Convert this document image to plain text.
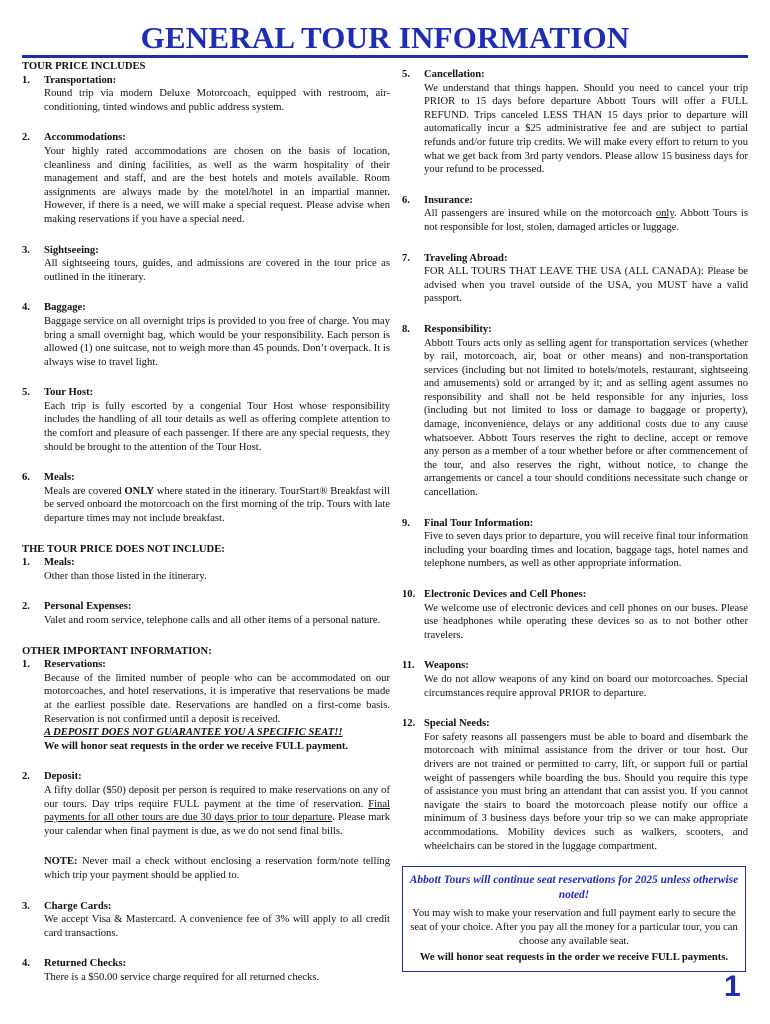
GENERAL TOUR INFORMATION

TOUR PRICE INCLUDES

1. Transportation:

Round trip via modern Deluxe Motorcoach, equipped with restroom, air-conditioning, tinted windows and public address system.

2. Accommodations:

Your highly rated accommodations are chosen on the basis of location, cleanliness and dining facilities, as well as the warm hospitality of their management and staff, and are the best hotels and motels available. Room assignments are always made by the motel/hotel in an impartial manner. However, if there is a need, we will make a special request. Please advise when making reservations if you have a special need.

3. Sightseeing:

All sightseeing tours, guides, and admissions are covered in the tour price as outlined in the itinerary.

4. Baggage:

Baggage service on all overnight trips is provided to you free of charge. You may bring a small overnight bag, which would be your responsibility. Each person is allowed (1) one suitcase, not to weigh more than 45 pounds. Don’t overpack. It is always wise to travel light.

5. Tour Host:

Each trip is fully escorted by a congenial Tour Host whose responsibility includes the handling of all tour details as well as offering complete attention to the comfort and pleasure of each passenger. If there are any special requests, they should be brought to the attention of the Tour Host.

6. Meals:

Meals are covered ONLY where stated in the itinerary. TourStart® Breakfast will be served onboard the motorcoach on the first morning of the trip. Tours with late departure times may not include breakfast.

THE TOUR PRICE DOES NOT INCLUDE:

1. Meals:

Other than those listed in the itinerary.

2. Personal Expenses:

Valet and room service, telephone calls and all other items of a personal nature.

OTHER IMPORTANT INFORMATION:

1. Reservations:

Because of the limited number of people who can be accommodated on our motorcoaches, and hotel reservations, it is imperative that reservations be made at the earliest possible date. Reservations are handled on a first-come basis. Reservation is not confirmed until a deposit is received.

A DEPOSIT DOES NOT GUARANTEE YOU A SPECIFIC SEAT!!

We will honor seat requests in the order we receive FULL payment.

2. Deposit:

A fifty dollar ($50) deposit per person is required to make reservations on any of our tours. Day trips require FULL payment at the time of reservation. Final payments for all other tours are due 30 days prior to tour departure. Please mark your calendar when final payment is due, as we do not send final bills.

NOTE: Never mail a check without enclosing a reservation form/note telling which trip your payment should be applied to.

3. Charge Cards:

We accept Visa & Mastercard. A convenience fee of 3% will apply to all credit card transactions.

4. Returned Checks:

There is a $50.00 service charge required for all returned checks.

5. Cancellation:

We understand that things happen. Should you need to cancel your trip PRIOR to 15 days before departure Abbott Tours will offer a FULL REFUND. Trips canceled LESS THAN 15 days prior to departure will automatically incur a $25 administrative fee and are subject to partial refunds and/or future trip credits. We will make every effort to return to you what we get back from 3rd party vendors. Please allow 15 business days for your refund to be processed.

6. Insurance:

All passengers are insured while on the motorcoach only. Abbott Tours is not responsible for lost, stolen, damaged articles or luggage.

7. Traveling Abroad:

FOR ALL TOURS THAT LEAVE THE USA (ALL CANADA): Please be advised when you travel outside of the USA, you MUST have a valid passport.

8. Responsibility:

Abbott Tours acts only as selling agent for transportation services (whether by rail, motorcoach, air, boat or other means) and non-transportation services (including but not limited to hotels/motels, restaurant, sightseeing and amusements) sold or arranged by it; and as selling agent assumes no responsibility and shall not be held responsible for any injuries, loss (including but not limited to loss or damage to baggage or property), damage, inconvenience, delays or any additional costs due to any cause whatsoever. Abbott Tours reserves the right to decline, accept or remove any person as a member of a tour whether before or after commencement of the tour, and also reserves the right, without notice, to change the arrangements or cancel a tour should conditions necessitate such change or cancellation.

9. Final Tour Information:

Five to seven days prior to departure, you will receive final tour information including your boarding times and location, baggage tags, hotel names and telephone numbers, as well as other appropriate information.

10. Electronic Devices and Cell Phones:

We welcome use of electronic devices and cell phones on our buses. Please use headphones while operating these devices so as to not bother other travelers.

11. Weapons:

We do not allow weapons of any kind on board our motorcoaches. Special circumstances require approval PRIOR to departure.

12. Special Needs:

For safety reasons all passengers must be able to board and disembark the motorcoach with minimal assistance from the driver or tour host. Our drivers are not trained or permitted to carry, lift, or support full or partial weight of passengers while boarding the bus. Should you require this type of assistance you must bring an attendant that can assist you. If you cannot navigate the stairs to board the motorcoach please notify our office a minimum of 3 business days before your trip so we can make appropriate accommodations. Mobility devices such as walkers, scooters, and wheelchairs can be stored in the luggage compartment.

Abbott Tours will continue seat reservations for 2025 unless otherwise noted!

You may wish to make your reservation and full payment early to secure the seat of your choice. After you pay all the money for a particular tour, you can choose any available seat.

We will honor seat requests in the order we receive FULL payments.

1
